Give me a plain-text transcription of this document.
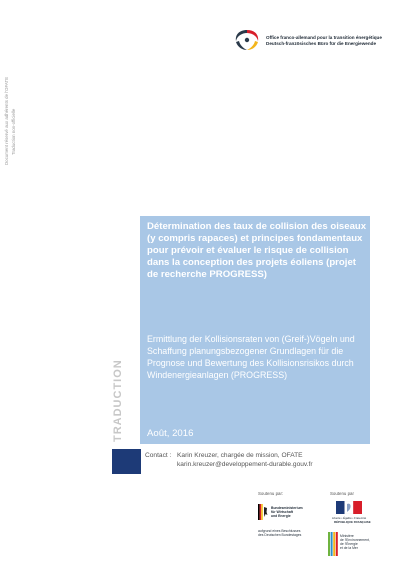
Office franco-allemand pour la transition énergétique
Deutsch-französisches Büro für die Energiewende
Document réservé aux adhérents de l'OFATE Traduction non-officielle
Détermination des taux de collision des oiseaux (y compris rapaces) et principes fondamentaux pour prévoir et évaluer le risque de collision dans la conception des projets éoliens (projet de recherche PROGRESS)
Ermittlung der Kollisionsraten von (Greif-)Vögeln und Schaffung planungsbezogener Grundlagen für die Prognose und Bewertung des Kollisionsrisikos durch Windenergieanlagen (PROGRESS)
Août, 2016
TRADUCTION
Contact : Karin Kreuzer, chargée de mission, OFATE
karin.kreuzer@developpement-durable.gouv.fr
Soutenu par:	Soutenu par
Bundesministerium
für Wirtschaft
und Energie
aufgrund eines Beschlusses
des Deutschen Bundestages
Liberté • Égalité • Fraternité
RÉPUBLIQUE FRANÇAISE
Ministère
de l'Environnement,
de l'Énergie
et de la Mer
